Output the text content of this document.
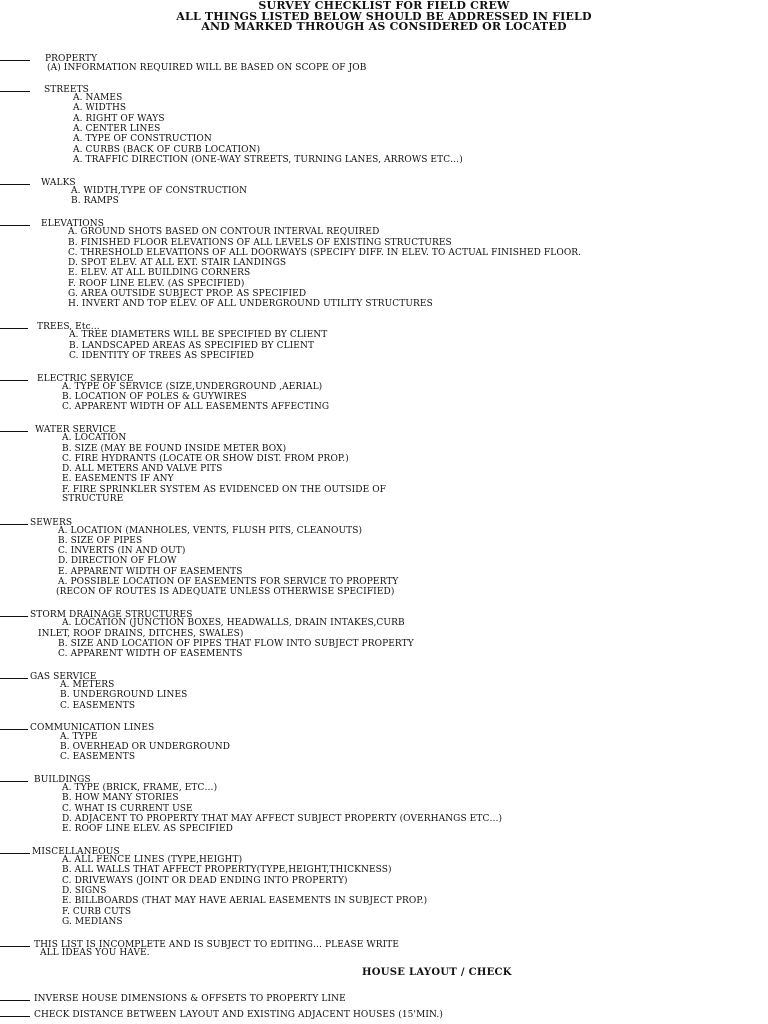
SURVEY CHECKLIST FOR FIELD CREW
ALL THINGS LISTED BELOW SHOULD BE ADDRESSED IN FIELD
AND MARKED THROUGH AS CONSIDERED OR LOCATED
PROPERTY
(A) INFORMATION REQUIRED WILL BE BASED ON SCOPE OF JOB
STREETS
A. NAMES
A. WIDTHS
A. RIGHT OF WAYS
A. CENTER LINES
A. TYPE OF CONSTRUCTION
A. CURBS (BACK OF CURB LOCATION)
A. TRAFFIC DIRECTION (ONE-WAY STREETS, TURNING LANES, ARROWS ETC…)
WALKS
A. WIDTH,TYPE OF CONSTRUCTION
B. RAMPS
ELEVATIONS
A. GROUND SHOTS BASED ON CONTOUR INTERVAL REQUIRED
B. FINISHED FLOOR ELEVATIONS OF ALL LEVELS OF EXISTING STRUCTURES
C. THRESHOLD ELEVATIONS OF ALL DOORWAYS (SPECIFY DIFF. IN ELEV. TO ACTUAL FINISHED FLOOR.
D. SPOT ELEV. AT ALL EXT. STAIR LANDINGS
E. ELEV. AT ALL BUILDING CORNERS
F. ROOF LINE ELEV. (AS SPECIFIED)
G. AREA OUTSIDE SUBJECT PROP. AS SPECIFIED
H. INVERT AND TOP ELEV. OF ALL UNDERGROUND UTILITY STRUCTURES
TREES, Etc…
A. TREE DIAMETERS WILL BE SPECIFIED BY CLIENT
B. LANDSCAPED AREAS AS SPECIFIED BY CLIENT
C. IDENTITY OF TREES AS SPECIFIED
ELECTRIC SERVICE
A. TYPE OF SERVICE (SIZE,UNDERGROUND ,AERIAL)
B. LOCATION OF POLES & GUYWIRES
C. APPARENT WIDTH OF ALL EASEMENTS AFFECTING
WATER SERVICE
A. LOCATION
B. SIZE (MAY BE FOUND INSIDE METER BOX)
C. FIRE HYDRANTS (LOCATE OR SHOW DIST. FROM PROP.)
D. ALL METERS AND VALVE PITS
E. EASEMENTS IF ANY
F. FIRE SPRINKLER SYSTEM AS EVIDENCED ON THE OUTSIDE OF
STRUCTURE
SEWERS
A. LOCATION (MANHOLES, VENTS, FLUSH PITS, CLEANOUTS)
B. SIZE OF PIPES
C. INVERTS (IN AND OUT)
D. DIRECTION OF FLOW
E. APPARENT WIDTH OF EASEMENTS
A. POSSIBLE LOCATION OF EASEMENTS FOR SERVICE TO PROPERTY
(RECON OF ROUTES IS ADEQUATE UNLESS OTHERWISE SPECIFIED)
STORM DRAINAGE STRUCTURES
A. LOCATION (JUNCTION BOXES, HEADWALLS, DRAIN INTAKES,CURB
INLET, ROOF DRAINS, DITCHES, SWALES)
B. SIZE AND LOCATION OF PIPES THAT FLOW INTO SUBJECT PROPERTY
C. APPARENT WIDTH OF EASEMENTS
GAS SERVICE
A. METERS
B. UNDERGROUND LINES
C. EASEMENTS
COMMUNICATION LINES
A. TYPE
B. OVERHEAD OR UNDERGROUND
C. EASEMENTS
BUILDINGS
A. TYPE (BRICK, FRAME, ETC…)
B. HOW MANY STORIES
C. WHAT IS CURRENT USE
D. ADJACENT TO PROPERTY THAT MAY AFFECT SUBJECT PROPERTY (OVERHANGS ETC…)
E. ROOF LINE ELEV. AS SPECIFIED
MISCELLANEOUS
A. ALL FENCE LINES (TYPE,HEIGHT)
B. ALL WALLS THAT AFFECT PROPERTY(TYPE,HEIGHT,THICKNESS)
C. DRIVEWAYS (JOINT OR DEAD ENDING INTO PROPERTY)
D. SIGNS
E. BILLBOARDS (THAT MAY HAVE AERIAL EASEMENTS IN SUBJECT PROP.)
F. CURB CUTS
G. MEDIANS
THIS LIST IS INCOMPLETE AND IS SUBJECT TO EDITING… PLEASE WRITE
ALL IDEAS YOU HAVE.
HOUSE LAYOUT / CHECK
INVERSE HOUSE DIMENSIONS & OFFSETS TO PROPERTY LINE
CHECK DISTANCE BETWEEN LAYOUT AND EXISTING ADJACENT HOUSES (15'MIN.)
